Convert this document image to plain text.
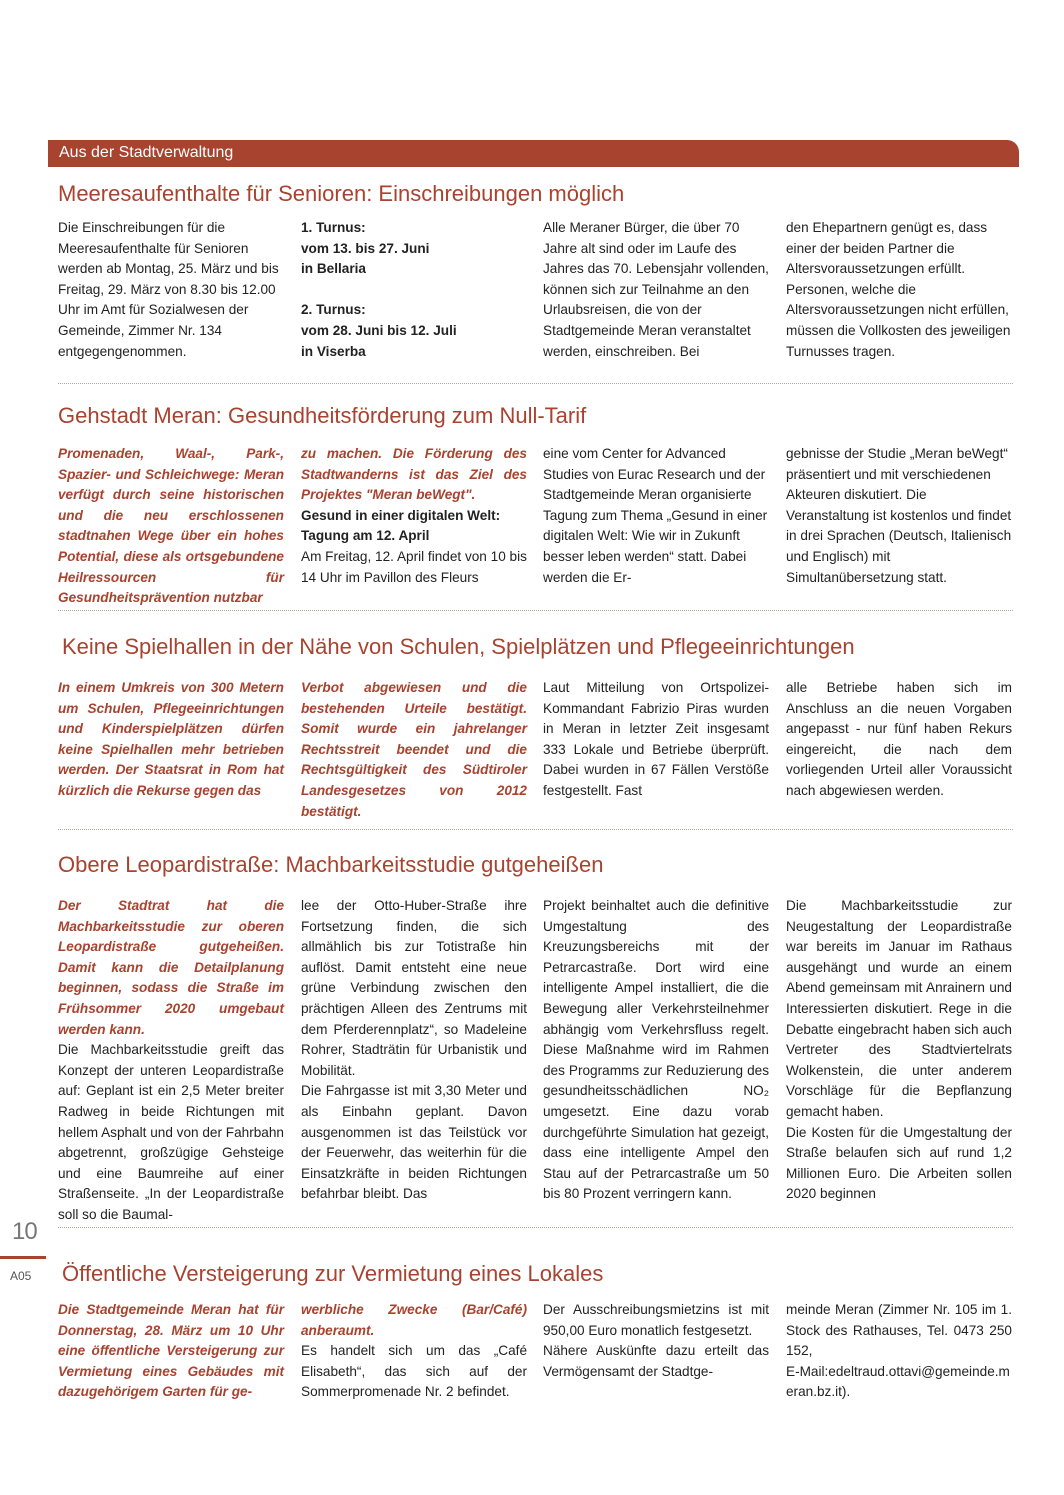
Aus der Stadtverwaltung
Meeresaufenthalte für Senioren: Einschreibungen möglich

Die Einschreibungen für die Meeresaufenthalte für Senioren werden ab Montag, 25. März und bis Freitag, 29. März von 8.30 bis 12.00 Uhr im Amt für Sozialwesen der Gemeinde, Zimmer Nr. 134 entgegengenommen.

1. Turnus:

vom 13. bis 27. Juni

in Bellaria

2. Turnus:

vom 28. Juni bis 12. Juli

in Viserba

Alle Meraner Bürger, die über 70 Jahre alt sind oder im Laufe des Jahres das 70. Lebensjahr vollenden, können sich zur Teilnahme an den Urlaubsreisen, die von der Stadtgemeinde Meran veranstaltet werden, einschreiben. Bei

den Ehepartnern genügt es, dass einer der beiden Partner die Altersvoraussetzungen erfüllt. Personen, welche die Altersvoraussetzungen nicht erfüllen, müssen die Vollkosten des jeweiligen Turnusses tragen.

Gehstadt Meran: Gesundheitsförderung zum Null-Tarif

Promenaden, Waal-, Park-, Spazier- und Schleichwege: Meran verfügt durch seine historischen und die neu erschlossenen stadtnahen Wege über ein hohes Potential, diese als ortsgebundene Heilressourcen für Gesundheitsprävention nutzbar

zu machen. Die Förderung des Stadtwanderns ist das Ziel des Projektes "Meran beWegt".

Gesund in einer digitalen Welt: Tagung am 12. April

Am Freitag, 12. April findet von 10 bis 14 Uhr im Pavillon des Fleurs

eine vom Center for Advanced Studies von Eurac Research und der Stadtgemeinde Meran organisierte Tagung zum Thema „Gesund in einer digitalen Welt: Wie wir in Zukunft besser leben werden“ statt. Dabei werden die Er-

gebnisse der Studie „Meran beWegt“ präsentiert und mit verschiedenen Akteuren diskutiert. Die Veranstaltung ist kostenlos und findet in drei Sprachen (Deutsch, Italienisch und Englisch) mit Simultanübersetzung statt.

Keine Spielhallen in der Nähe von Schulen, Spielplätzen und Pflegeeinrichtungen

In einem Umkreis von 300 Metern um Schulen, Pflegeeinrichtungen und Kinderspielplätzen dürfen keine Spielhallen mehr betrieben werden. Der Staatsrat in Rom hat kürzlich die Rekurse gegen das

Verbot abgewiesen und die bestehenden Urteile bestätigt. Somit wurde ein jahrelanger Rechtsstreit beendet und die Rechtsgültigkeit des Südtiroler Landesgesetzes von 2012 bestätigt.

Laut Mitteilung von Ortspolizei-Kommandant Fabrizio Piras wurden in Meran in letzter Zeit insgesamt 333 Lokale und Betriebe überprüft. Dabei wurden in 67 Fällen Verstöße festgestellt. Fast

alle Betriebe haben sich im Anschluss an die neuen Vorgaben angepasst - nur fünf haben Rekurs eingereicht, die nach dem vorliegenden Urteil aller Voraussicht nach abgewiesen werden.

Obere Leopardistraße: Machbarkeitsstudie gutgeheißen

Der Stadtrat hat die Machbarkeitsstudie zur oberen Leopardistraße gutgeheißen. Damit kann die Detailplanung beginnen, sodass die Straße im Frühsommer 2020 umgebaut werden kann.

Die Machbarkeitsstudie greift das Konzept der unteren Leopardistraße auf: Geplant ist ein 2,5 Meter breiter Radweg in beide Richtungen mit hellem Asphalt und von der Fahrbahn abgetrennt, großzügige Gehsteige und eine Baumreihe auf einer Straßenseite. „In der Leopardistraße soll so die Baumal-

lee der Otto-Huber-Straße ihre Fortsetzung finden, die sich allmählich bis zur Totistraße hin auflöst. Damit entsteht eine neue grüne Verbindung zwischen den prächtigen Alleen des Zentrums mit dem Pferderennplatz“, so Madeleine Rohrer, Stadträtin für Urbanistik und Mobilität.

Die Fahrgasse ist mit 3,30 Meter und als Einbahn geplant. Davon ausgenommen ist das Teilstück vor der Feuerwehr, das weiterhin für die Einsatzkräfte in beiden Richtungen befahrbar bleibt. Das

Projekt beinhaltet auch die definitive Umgestaltung des Kreuzungsbereichs mit der Petrarcastraße. Dort wird eine intelligente Ampel installiert, die die Bewegung aller Verkehrsteilnehmer abhängig vom Verkehrsfluss regelt. Diese Maßnahme wird im Rahmen des Programms zur Reduzierung des gesundheitsschädlichen NO₂ umgesetzt. Eine dazu vorab durchgeführte Simulation hat gezeigt, dass eine intelligente Ampel den Stau auf der Petrarcastraße um 50 bis 80 Prozent verringern kann.

Die Machbarkeitsstudie zur Neugestaltung der Leopardistraße war bereits im Januar im Rathaus ausgehängt und wurde an einem Abend gemeinsam mit Anrainern und Interessierten diskutiert. Rege in die Debatte eingebracht haben sich auch Vertreter des Stadtviertelrats Wolkenstein, die unter anderem Vorschläge für die Bepflanzung gemacht haben.

Die Kosten für die Umgestaltung der Straße belaufen sich auf rund 1,2 Millionen Euro. Die Arbeiten sollen 2020 beginnen

Öffentliche Versteigerung zur Vermietung eines Lokales

Die Stadtgemeinde Meran hat für Donnerstag, 28. März um 10 Uhr eine öffentliche Versteigerung zur Vermietung eines Gebäudes mit dazugehörigem Garten für ge-

werbliche Zwecke (Bar/Café) anberaumt.

Es handelt sich um das „Café Elisabeth“, das sich auf der Sommerpromenade Nr. 2 befindet.

Der Ausschreibungsmietzins ist mit 950,00 Euro monatlich festgesetzt.

Nähere Auskünfte dazu erteilt das Vermögensamt der Stadtge-

meinde Meran (Zimmer Nr. 105 im 1. Stock des Rathauses, Tel. 0473 250 152,

E-Mail:edeltraud.ottavi@gemeinde.meran.bz.it).

10
A05
